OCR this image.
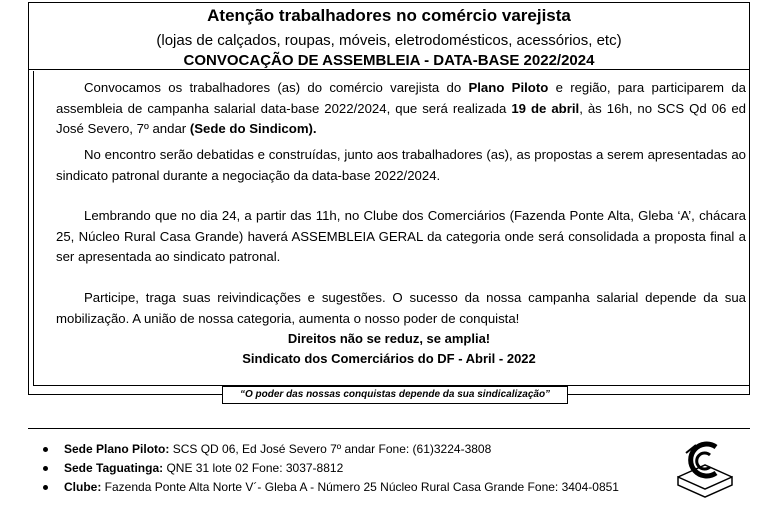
Atenção trabalhadores no comércio varejista
(lojas de calçados, roupas, móveis, eletrodomésticos, acessórios, etc)
CONVOCAÇÃO DE ASSEMBLEIA - DATA-BASE 2022/2024

Convocamos os trabalhadores (as) do comércio varejista do Plano Piloto e região, para participarem da assembleia de campanha salarial data-base 2022/2024, que será realizada 19 de abril, às 16h, no SCS Qd 06 ed José Severo, 7º andar (Sede do Sindicom).

No encontro serão debatidas e construídas, junto aos trabalhadores (as), as propostas a serem apresentadas ao sindicato patronal durante a negociação da data-base 2022/2024.

Lembrando que no dia 24, a partir das 11h, no Clube dos Comerciários (Fazenda Ponte Alta, Gleba ‘A’, chácara 25, Núcleo Rural Casa Grande) haverá ASSEMBLEIA GERAL da categoria onde será consolidada a proposta final a ser apresentada ao sindicato patronal.

Participe, traga suas reivindicações e sugestões. O sucesso da nossa campanha salarial depende da sua mobilização. A união de nossa categoria, aumenta o nosso poder de conquista!

Direitos não se reduz, se amplia!
Sindicato dos Comerciários do DF - Abril - 2022
“O poder das nossas conquistas depende da sua sindicalização”
Sede Plano Piloto: SCS QD 06, Ed José Severo 7º andar Fone: (61)3224-3808
Sede Taguatinga: QNE 31 lote 02 Fone: 3037-8812
Clube: Fazenda Ponte Alta Norte V´- Gleba A - Número 25 Núcleo Rural Casa Grande Fone: 3404-0851
